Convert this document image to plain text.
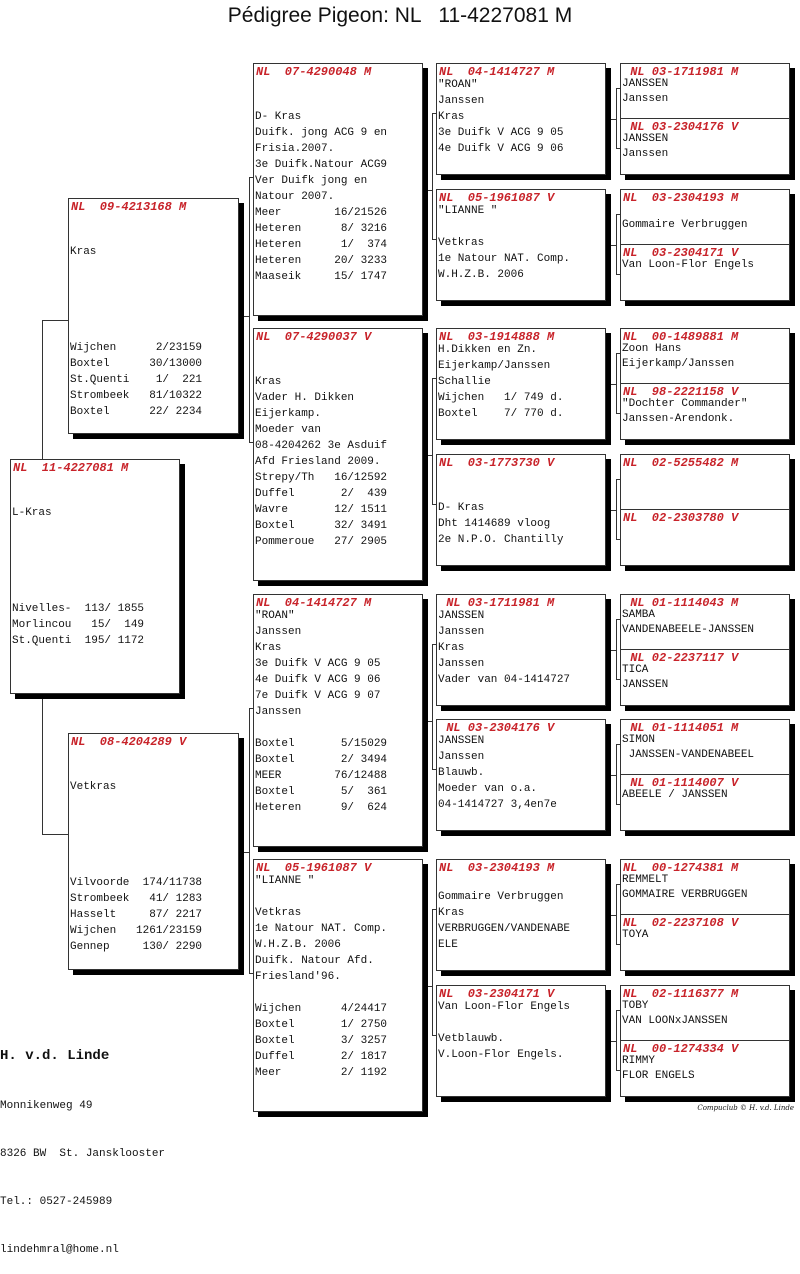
Pédigree Pigeon: NL   11-4227081 M
NL  11-4227081 M
L-Kras
Nivelles-  113/ 1855
Morlincou   15/  149
St.Quenti  195/ 1172
NL  09-4213168 M
Kras
Wijchen      2/23159
Boxtel      30/13000
St.Quenti    1/  221
Strombeek   81/10322
Boxtel      22/ 2234
NL  08-4204289 V
Vetkras
Vilvoorde  174/11738
Strombeek   41/ 1283
Hasselt     87/ 2217
Wijchen   1261/23159
Gennep     130/ 2290
NL  07-4290048 M
D- Kras
Duifk. jong ACG 9 en
Frisia.2007.
3e Duifk.Natour ACG9
Ver Duifk jong en
Natour 2007.
Meer        16/21526
Heteren      8/ 3216
Heteren      1/  374
Heteren     20/ 3233
Maaseik     15/ 1747
NL  07-4290037 V
Kras
Vader H. Dikken
Eijerkamp.
Moeder van
08-4204262 3e Asduif
Afd Friesland 2009.
Strepy/Th   16/12592
Duffel       2/  439
Wavre       12/ 1511
Boxtel      32/ 3491
Pommeroue   27/ 2905
NL  04-1414727 M
"ROAN"
Janssen
Kras
3e Duifk V ACG 9 05
4e Duifk V ACG 9 06
7e Duifk V ACG 9 07
Janssen
Boxtel       5/15029
Boxtel       2/ 3494
MEER        76/12488
Boxtel       5/  361
Heteren      9/  624
NL  05-1961087 V
"LIANNE "
Vetkras
1e Natour NAT. Comp.
W.H.Z.B. 2006
Duifk. Natour Afd.
Friesland'96.
Wijchen      4/24417
Boxtel       1/ 2750
Boxtel       3/ 3257
Duffel       2/ 1817
Meer         2/ 1192
NL  04-1414727 M
"ROAN"
Janssen
Kras
3e Duifk V ACG 9 05
4e Duifk V ACG 9 06
NL  05-1961087 V
"LIANNE "
Vetkras
1e Natour NAT. Comp.
W.H.Z.B. 2006
NL  03-1914888 M
H.Dikken en Zn.
Eijerkamp/Janssen
Schallie
Wijchen   1/ 749 d.
Boxtel    7/ 770 d.
NL  03-1773730 V
D- Kras
Dht 1414689 vloog
2e N.P.O. Chantilly
NL 03-1711981 M
JANSSEN
Janssen
Kras
Janssen
Vader van 04-1414727
NL 03-2304176 V
JANSSEN
Janssen
Blauwb.
Moeder van o.a.
04-1414727 3,4en7e
NL  03-2304193 M
Gommaire Verbruggen
Kras
VERBRUGGEN/VANDENABE
ELE
NL  03-2304171 V
Van Loon-Flor Engels
Vetblauwb.
V.Loon-Flor Engels.
NL 03-1711981 M
JANSSEN
Janssen
NL 03-2304176 V
JANSSEN
Janssen
NL  03-2304193 M
Gommaire Verbruggen
NL  03-2304171 V
Van Loon-Flor Engels
NL  00-1489881 M
Zoon Hans
Eijerkamp/Janssen
NL  98-2221158 V
"Dochter Commander"
Janssen-Arendonk.
NL  02-5255482 M
NL  02-2303780 V
NL 01-1114043 M
SAMBA
VANDENABEELE-JANSSEN
NL 02-2237117 V
TICA
JANSSEN
NL 01-1114051 M
SIMON
JANSSEN-VANDENABEEL
NL 01-1114007 V
ABEELE / JANSSEN
NL  00-1274381 M
REMMELT
GOMMAIRE VERBRUGGEN
NL  02-2237108 V
TOYA
NL  02-1116377 M
TOBY
VAN LOONxJANSSEN
NL  00-1274334 V
RIMMY
FLOR ENGELS

H. v.d. Linde

Monnikenweg 49

8326 BW  St. Jansklooster

Tel.: 0527-245989

lindehmral@home.nl

Compuclub © H. v.d. Linde
